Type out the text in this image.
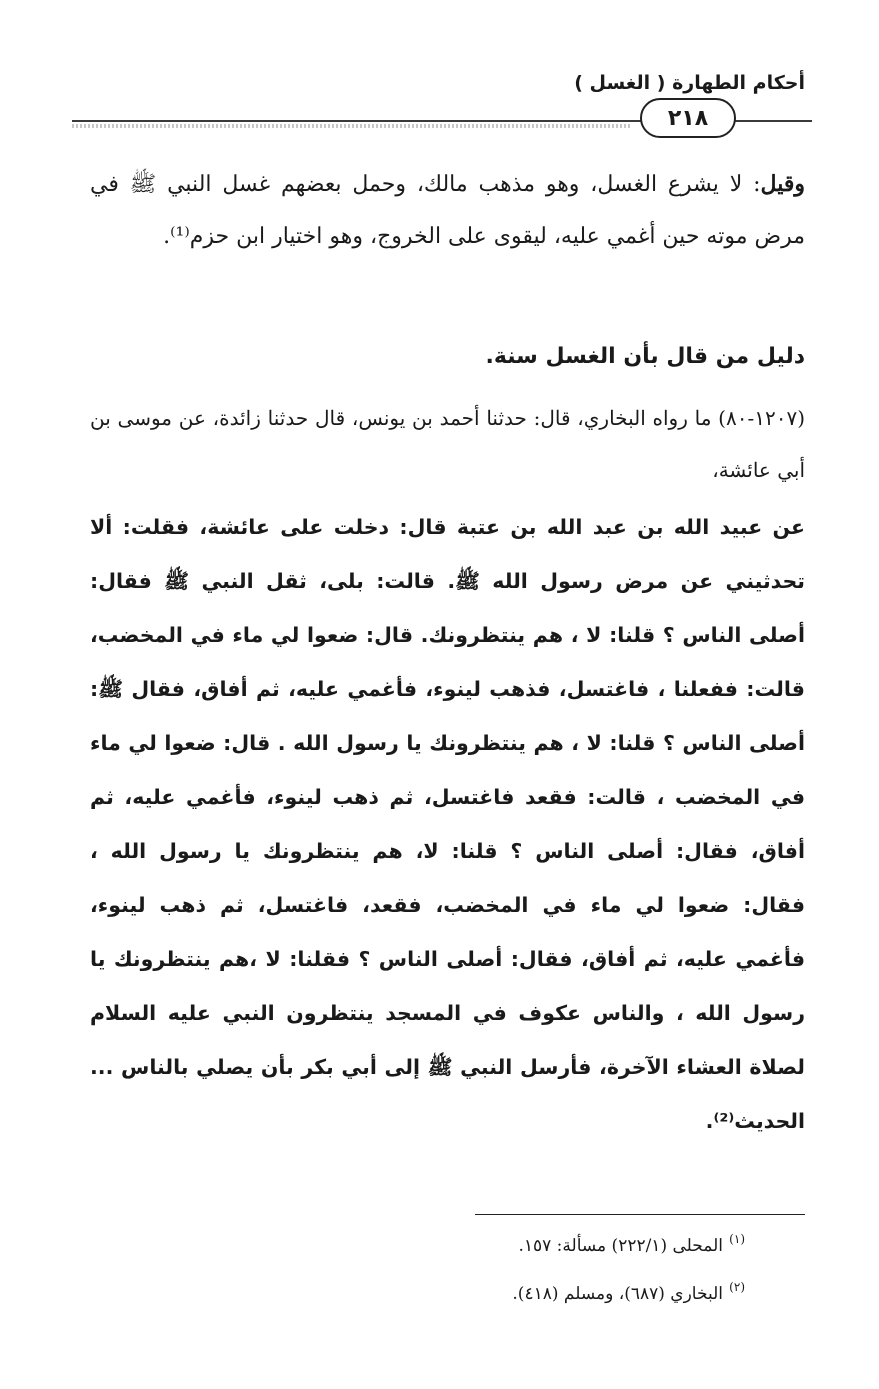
أحكام الطهارة ( الغسل )
٢١٨
وقيل: لا يشرع الغسل، وهو مذهب مالك، وحمل بعضهم غسل النبي ﷺ في مرض موته حين أغمي عليه، ليقوى على الخروج، وهو اختيار ابن حزم⁽¹⁾.
دليل من قال بأن الغسل سنة.
(١٢٠٧-٨٠) ما رواه البخاري، قال: حدثنا أحمد بن يونس، قال حدثنا زائدة، عن موسى بن أبي عائشة،
عن عبيد الله بن عبد الله بن عتبة قال: دخلت على عائشة، فقلت: ألا تحدثيني عن مرض رسول الله ﷺ. قالت: بلى، ثقل النبي ﷺ فقال: أصلى الناس ؟ قلنا: لا ، هم ينتظرونك. قال: ضعوا لي ماء في المخضب، قالت: ففعلنا ، فاغتسل، فذهب لينوء، فأغمي عليه، ثم أفاق، فقال ﷺ: أصلى الناس ؟ قلنا: لا ، هم ينتظرونك يا رسول الله . قال: ضعوا لي ماء في المخضب ، قالت: فقعد فاغتسل، ثم ذهب لينوء، فأغمي عليه، ثم أفاق، فقال: أصلى الناس ؟ قلنا: لا، هم ينتظرونك يا رسول الله ، فقال: ضعوا لي ماء في المخضب، فقعد، فاغتسل، ثم ذهب لينوء، فأغمي عليه، ثم أفاق، فقال: أصلى الناس ؟ فقلنا: لا ،هم ينتظرونك يا رسول الله ، والناس عكوف في المسجد ينتظرون النبي عليه السلام لصلاة العشاء الآخرة، فأرسل النبي ﷺ إلى أبي بكر بأن يصلي بالناس ... الحديث⁽²⁾.
(١)
المحلى (٢٢٢/١) مسألة: ١٥٧.
(٢)
البخاري (٦٨٧)، ومسلم (٤١٨).
